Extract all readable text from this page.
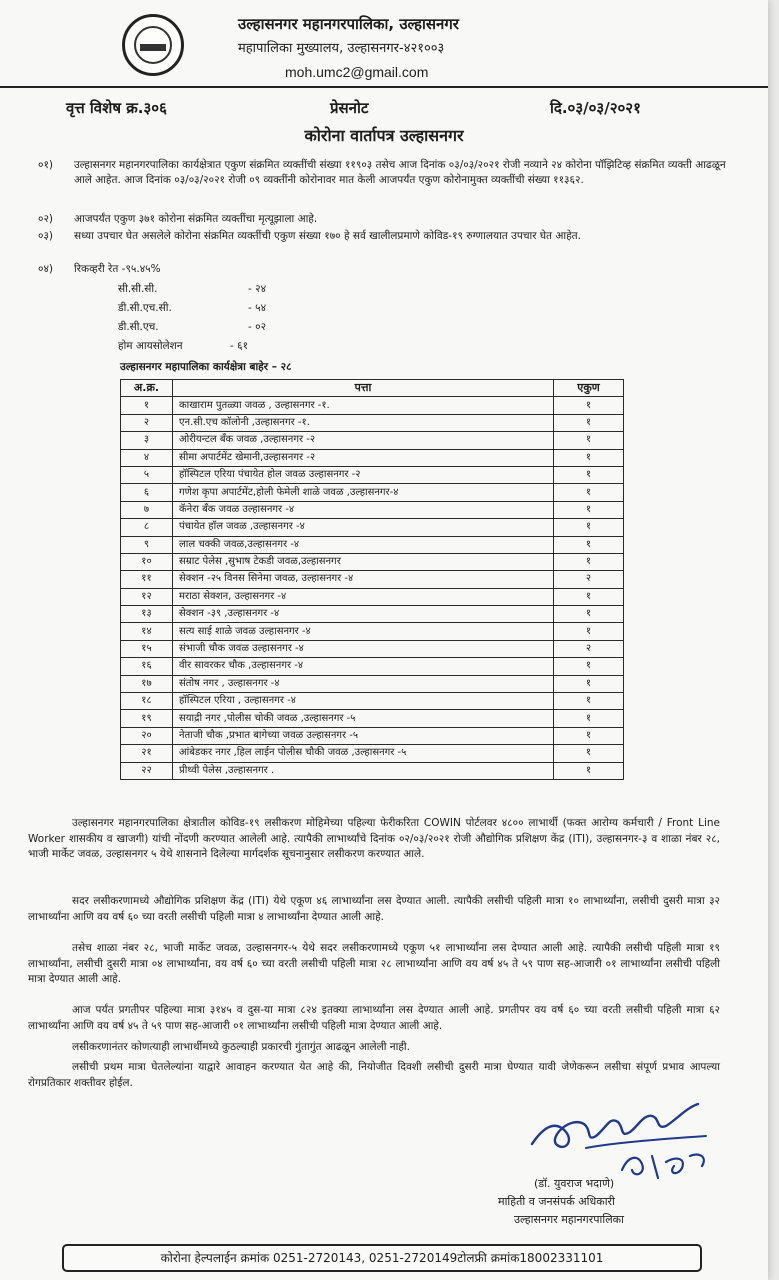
उल्हासनगर महानगरपालिका, उल्हासनगर
महापालिका मुख्यालय, उल्हासनगर-४२१००३
moh.umc2@gmail.com
वृत्त विशेष क्र.३०६	प्रेसनोट	दि.०३/०३/२०२१
कोरोना वार्तापत्र उल्हासनगर
०१) उल्हासनगर महानगरपालिका कार्यक्षेत्रात एकुण संक्रमित व्यक्तींची संख्या ११९०३ तसेच आज दिनांक ०३/०३/२०२१ रोजी नव्याने २४ कोरोना पॉझिटिव्ह संक्रमित व्यक्ती आढळून आले आहेत. आज दिनांक ०३/०३/२०२१ रोजी ०९ व्यक्तींनी कोरोनावर मात केली आजपर्यंत एकुण कोरोनामुक्त व्यक्तींची संख्या ११३६२.
०२) आजपर्यंत एकुण ३७१ कोरोना संक्रमित व्यक्तींचा मृत्यूझाला आहे.
०३) सध्या उपचार घेत असलेले कोरोना संक्रमित व्यक्तींची एकुण संख्या १७० हे सर्व खालीलप्रमाणे कोविड-१९ रुग्णालयात उपचार घेत आहेत.
०४) रिकव्हरी रेत -९५.४५%
सी.सी.सी.	- २४
डी.सी.एच.सी.	- ५४
डी.सी.एच.	- ०२
होम आयसोलेशन	- ६१
उल्हासनगर महापालिका कार्यक्षेत्रा बाहेर – २८
अ.क्र.	पत्ता	एकुण
१	काखाराम पुतळ्या जवळ , उल्हासनगर -१.	१
२	एन.सी.एच कॉलोनी ,उल्हासनगर -१.	१
३	ओरीयन्टल बँक जवळ ,उल्हासनगर -२	१
४	सीमा अपार्टमेंट खेमानी,उल्हासनगर -२	१
५	हॉस्पिटल एरिया पंचायेत होल जवळ उल्हासनगर -२	१
६	गणेश कृपा अपार्टमेंट,होली फेमेली शाळे जवळ ,उल्हासनगर-४	१
७	कॅनेरा बँक जवळ उल्हासनगर -४	१
८	पंचायेत हॉल जवळ ,उल्हासनगर -४	१
९	लाल चक्की जवळ,उल्हासनगर -४	१
१०	सम्राट पेलेस ,सुभाष टेकडी जवळ,उल्हासनगर	१
११	सेक्शन -२५ विनस सिनेमा जवळ, उल्हासनगर -४	२
१२	मराठा सेक्शन, उल्हासनगर -४	१
१३	सेक्शन -३९ ,उल्हासनगर -४	१
१४	सत्य साई शाळे जवळ उल्हासनगर -४	१
१५	संभाजी चौक जवळ उल्हासनगर -४	२
१६	वीर सावरकर चौक ,उल्हासनगर -४	१
१७	संतोष नगर , उल्हासनगर -४	१
१८	हॉस्पिटल एरिया , उल्हासनगर -४	१
१९	सयाद्री नगर ,पोलीस चोकी जवळ ,उल्हासनगर -५	१
२०	नेताजी चौक ,प्रभात बागेच्या जवळ उल्हासनगर -५	१
२१	आंबेडकर नगर ,हिल लाईन पोलीस चौकी जवळ ,उल्हासनगर -५	१
२२	प्रीथ्वी पेलेस ,उल्हासनगर .	१
उल्हासनगर महानगरपालिका क्षेत्रातील कोविड-१९ लसीकरण मोहिमेच्या पहिल्या फेरीकरिता COWIN पोर्टलवर ४८०० लाभार्थी (फक्त आरोग्य कर्मचारी / Front Line Worker शासकीय व खाजगी) यांची नोंदणी करण्यात आलेली आहे. त्यापैकी लाभार्थ्यांचे दिनांक ०२/०३/२०२१ रोजी औद्योगिक प्रशिक्षण केंद्र (ITI), उल्हासनगर-३ व शाळा नंबर २८, भाजी मार्केट जवळ, उल्हासनगर ५ येथे शासनाने दिलेल्या मार्गदर्शक सूचनानुसार लसीकरण करण्यात आले.
सदर लसीकरणामध्ये औद्योगिक प्रशिक्षण केंद्र (ITI) येथे एकूण ४६ लाभार्थ्यांना लस देण्यात आली. त्यापैकी लसीची पहिली मात्रा १० लाभार्थ्यांना, लसीची दुसरी मात्रा ३२ लाभार्थ्यांना आणि वय वर्ष ६० च्या वरती लसीची पहिली मात्रा ४ लाभार्थ्यांना देण्यात आली आहे.
तसेच शाळा नंबर २८, भाजी मार्केट जवळ, उल्हासनगर-५ येथे सदर लसीकरणामध्ये एकूण ५१ लाभार्थ्यांना लस देण्यात आली आहे. त्यापैकी लसीची पहिली मात्रा १९ लाभार्थ्यांना, लसीची दुसरी मात्रा ०४ लाभार्थ्यांना, वय वर्ष ६० च्या वरती लसीची पहिली मात्रा २८ लाभार्थ्यांना आणि वय वर्ष ४५ ते ५९ पाण सह-आजारी ०१ लाभार्थ्यांना लसीची पहिली मात्रा देण्यात आली आहे.
आज पर्यंत प्रगतीपर पहिल्या मात्रा ३१४५ व दुस-या मात्रा ८२४ इतक्या लाभार्थ्यांना लस देण्यात आली आहे. प्रगतीपर वय वर्ष ६० च्या वरती लसीची पहिली मात्रा ६२ लाभार्थ्यांना आणि वय वर्ष ४५ ते ५९ पाण सह-आजारी ०१ लाभार्थ्यांना लसीची पहिली मात्रा देण्यात आली आहे.
लसीकरणानंतर कोणत्याही लाभार्थीमध्ये कुठल्याही प्रकारची गुंतागुंत आढळून आलेली नाही.
लसीची प्रथम मात्रा घेतलेल्यांना याद्वारे आवाहन करण्यात येत आहे की, नियोजीत दिवशी लसीची दुसरी मात्रा घेण्यात यावी जेणेकरून लसीचा संपूर्ण प्रभाव आपल्या रोगप्रतिकार शक्तीवर होईल.
(डॉ. युवराज भदाणे)
माहिती व जनसंपर्क अधिकारी
उल्हासनगर महानगरपालिका
कोरोना हेल्पलाईन क्रमांक 0251-2720143, 0251-2720149टोलफ्री क्रमांक18002331101
